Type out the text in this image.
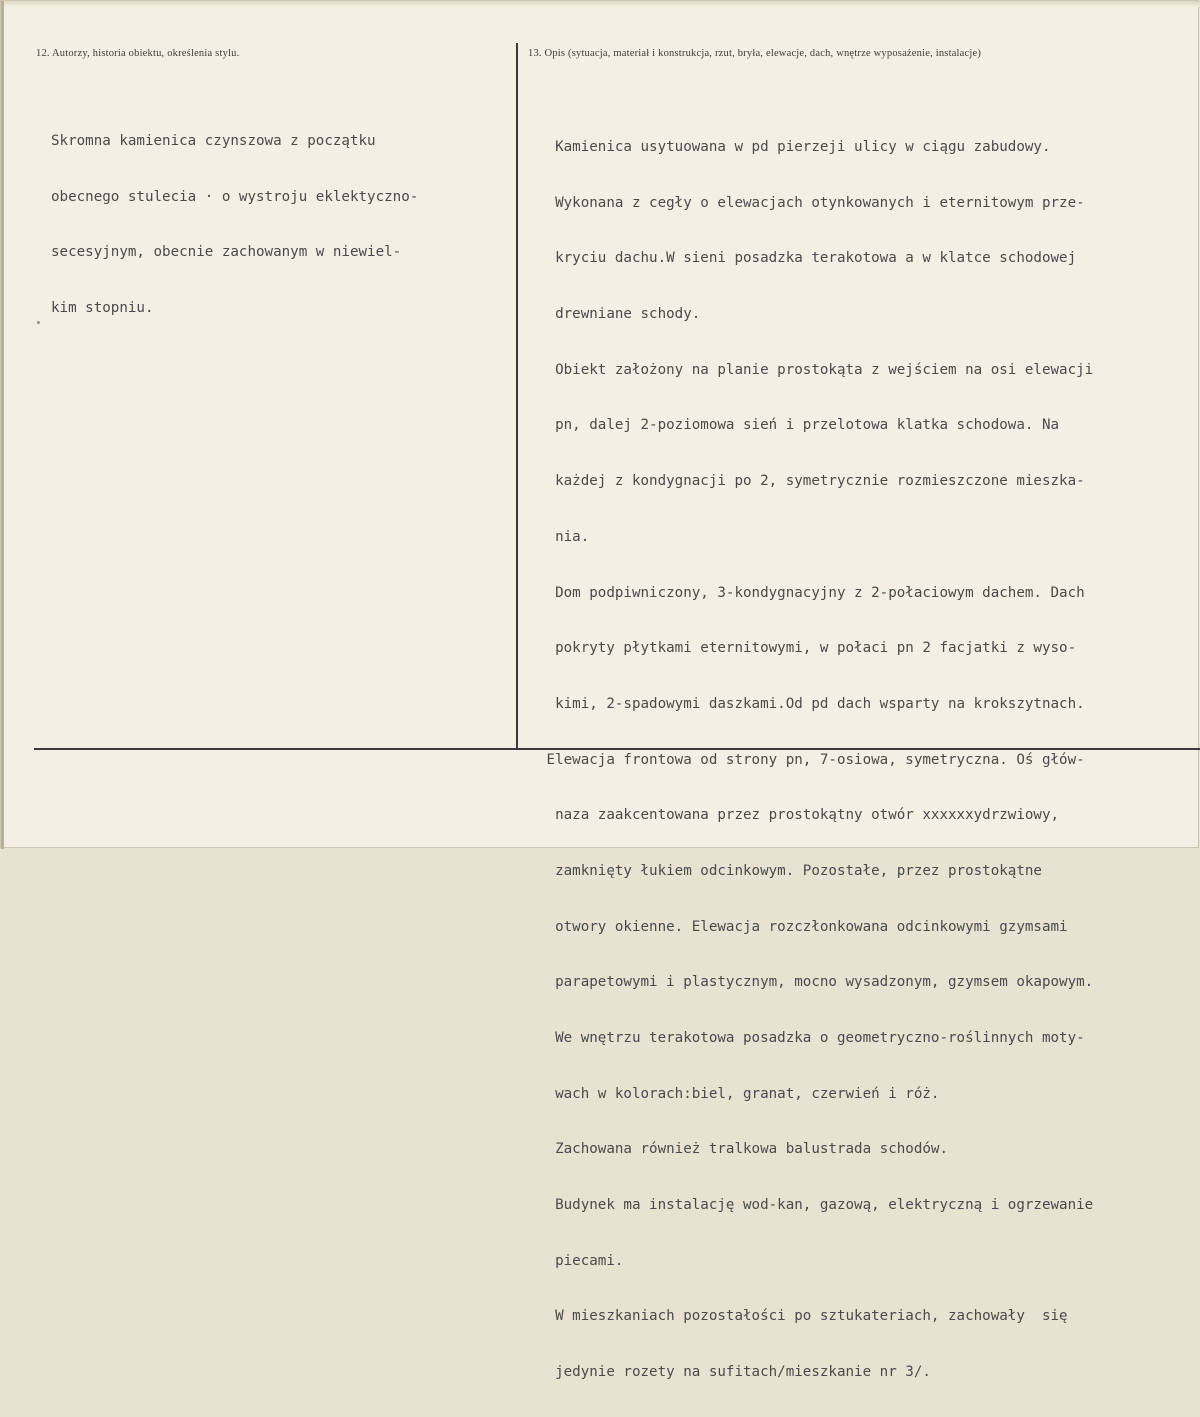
12. Autorzy, historia obiektu, określenia stylu.	13. Opis (sytuacja, materiał i konstrukcja, rzut, bryła, elewacje, dach, wnętrze wyposażenie, instalacje)

Skromna kamienica czynszowa z początku

obecnego stulecia · o wystroju eklektyczno-

secesyjnym, obecnie zachowanym w niewiel-

kim stopniu.

Kamienica usytuowana w pd pierzeji ulicy w ciągu zabudowy.

Wykonana z cegły o elewacjach otynkowanych i eternitowym prze-

kryciu dachu.W sieni posadzka terakotowa a w klatce schodowej

drewniane schody.

Obiekt założony na planie prostokąta z wejściem na osi elewacji

pn, dalej 2-poziomowa sień i przelotowa klatka schodowa. Na

każdej z kondygnacji po 2, symetrycznie rozmieszczone mieszka-

nia.

Dom podpiwniczony, 3-kondygnacyjny z 2-połaciowym dachem. Dach

pokryty płytkami eternitowymi, w połaci pn 2 facjatki z wyso-

kimi, 2-spadowymi daszkami.Od pd dach wsparty na krokszytnach.

Elewacja frontowa od strony pn, 7-osiowa, symetryczna. Oś głów-

naza zaakcentowana przez prostokątny otwór xxxxxxydrzwiowy,

zamknięty łukiem odcinkowym. Pozostałe, przez prostokątne

otwory okienne. Elewacja rozczłonkowana odcinkowymi gzymsami

parapetowymi i plastycznym, mocno wysadzonym, gzymsem okapowym.

We wnętrzu terakotowa posadzka o geometryczno-roślinnych moty-

wach w kolorach:biel, granat, czerwień i róż.

Zachowana również tralkowa balustrada schodów.

Budynek ma instalację wod-kan, gazową, elektryczną i ogrzewanie

piecami.

W mieszkaniach pozostałości po sztukateriach, zachowały  się

jedynie rozety na sufitach/mieszkanie nr 3/.
